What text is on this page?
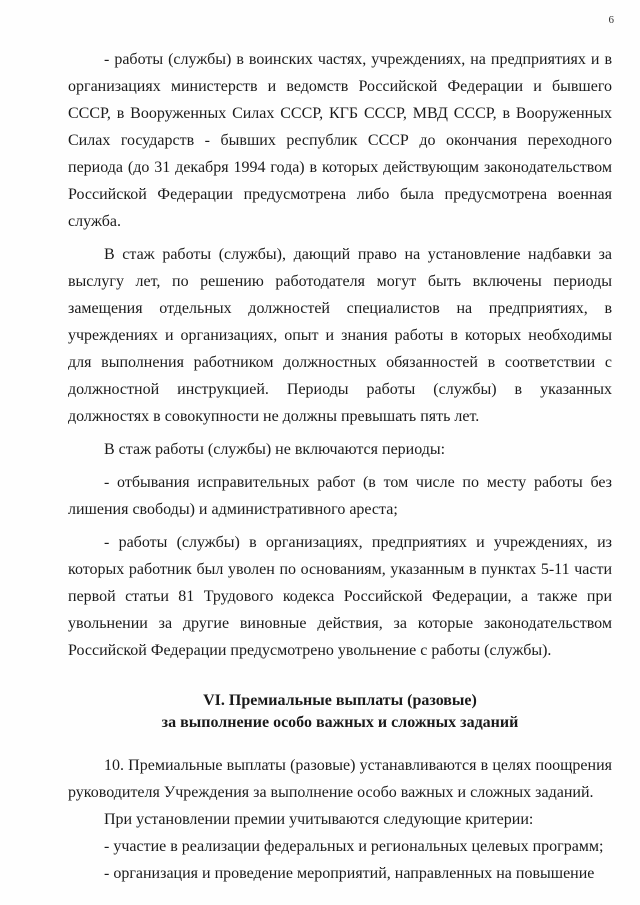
6

- работы (службы) в воинских частях, учреждениях, на предприятиях и в организациях министерств и ведомств Российской Федерации и бывшего СССР, в Вооруженных Силах СССР, КГБ СССР, МВД СССР, в Вооруженных Силах государств - бывших республик СССР до окончания переходного периода (до 31 декабря 1994 года) в которых действующим законодательством Российской Федерации предусмотрена либо была предусмотрена военная служба.

В стаж работы (службы), дающий право на установление надбавки за выслугу лет, по решению работодателя могут быть включены периоды замещения отдельных должностей специалистов на предприятиях, в учреждениях и организациях, опыт и знания работы в которых необходимы для выполнения работником должностных обязанностей в соответствии с должностной инструкцией. Периоды работы (службы) в указанных должностях в совокупности не должны превышать пять лет.

В стаж работы (службы) не включаются периоды:

- отбывания исправительных работ (в том числе по месту работы без лишения свободы) и административного ареста;

- работы (службы) в организациях, предприятиях и учреждениях, из которых работник был уволен по основаниям, указанным в пунктах 5-11 части первой статьи 81 Трудового кодекса Российской Федерации, а также при увольнении за другие виновные действия, за которые законодательством Российской Федерации предусмотрено увольнение с работы (службы).

VI. Премиальные выплаты (разовые)
за выполнение особо важных и сложных заданий

10. Премиальные выплаты (разовые) устанавливаются в целях поощрения руководителя Учреждения за выполнение особо важных и сложных заданий.

При установлении премии учитываются следующие критерии:

- участие в реализации федеральных и региональных целевых программ;

- организация и проведение мероприятий, направленных на повышение
